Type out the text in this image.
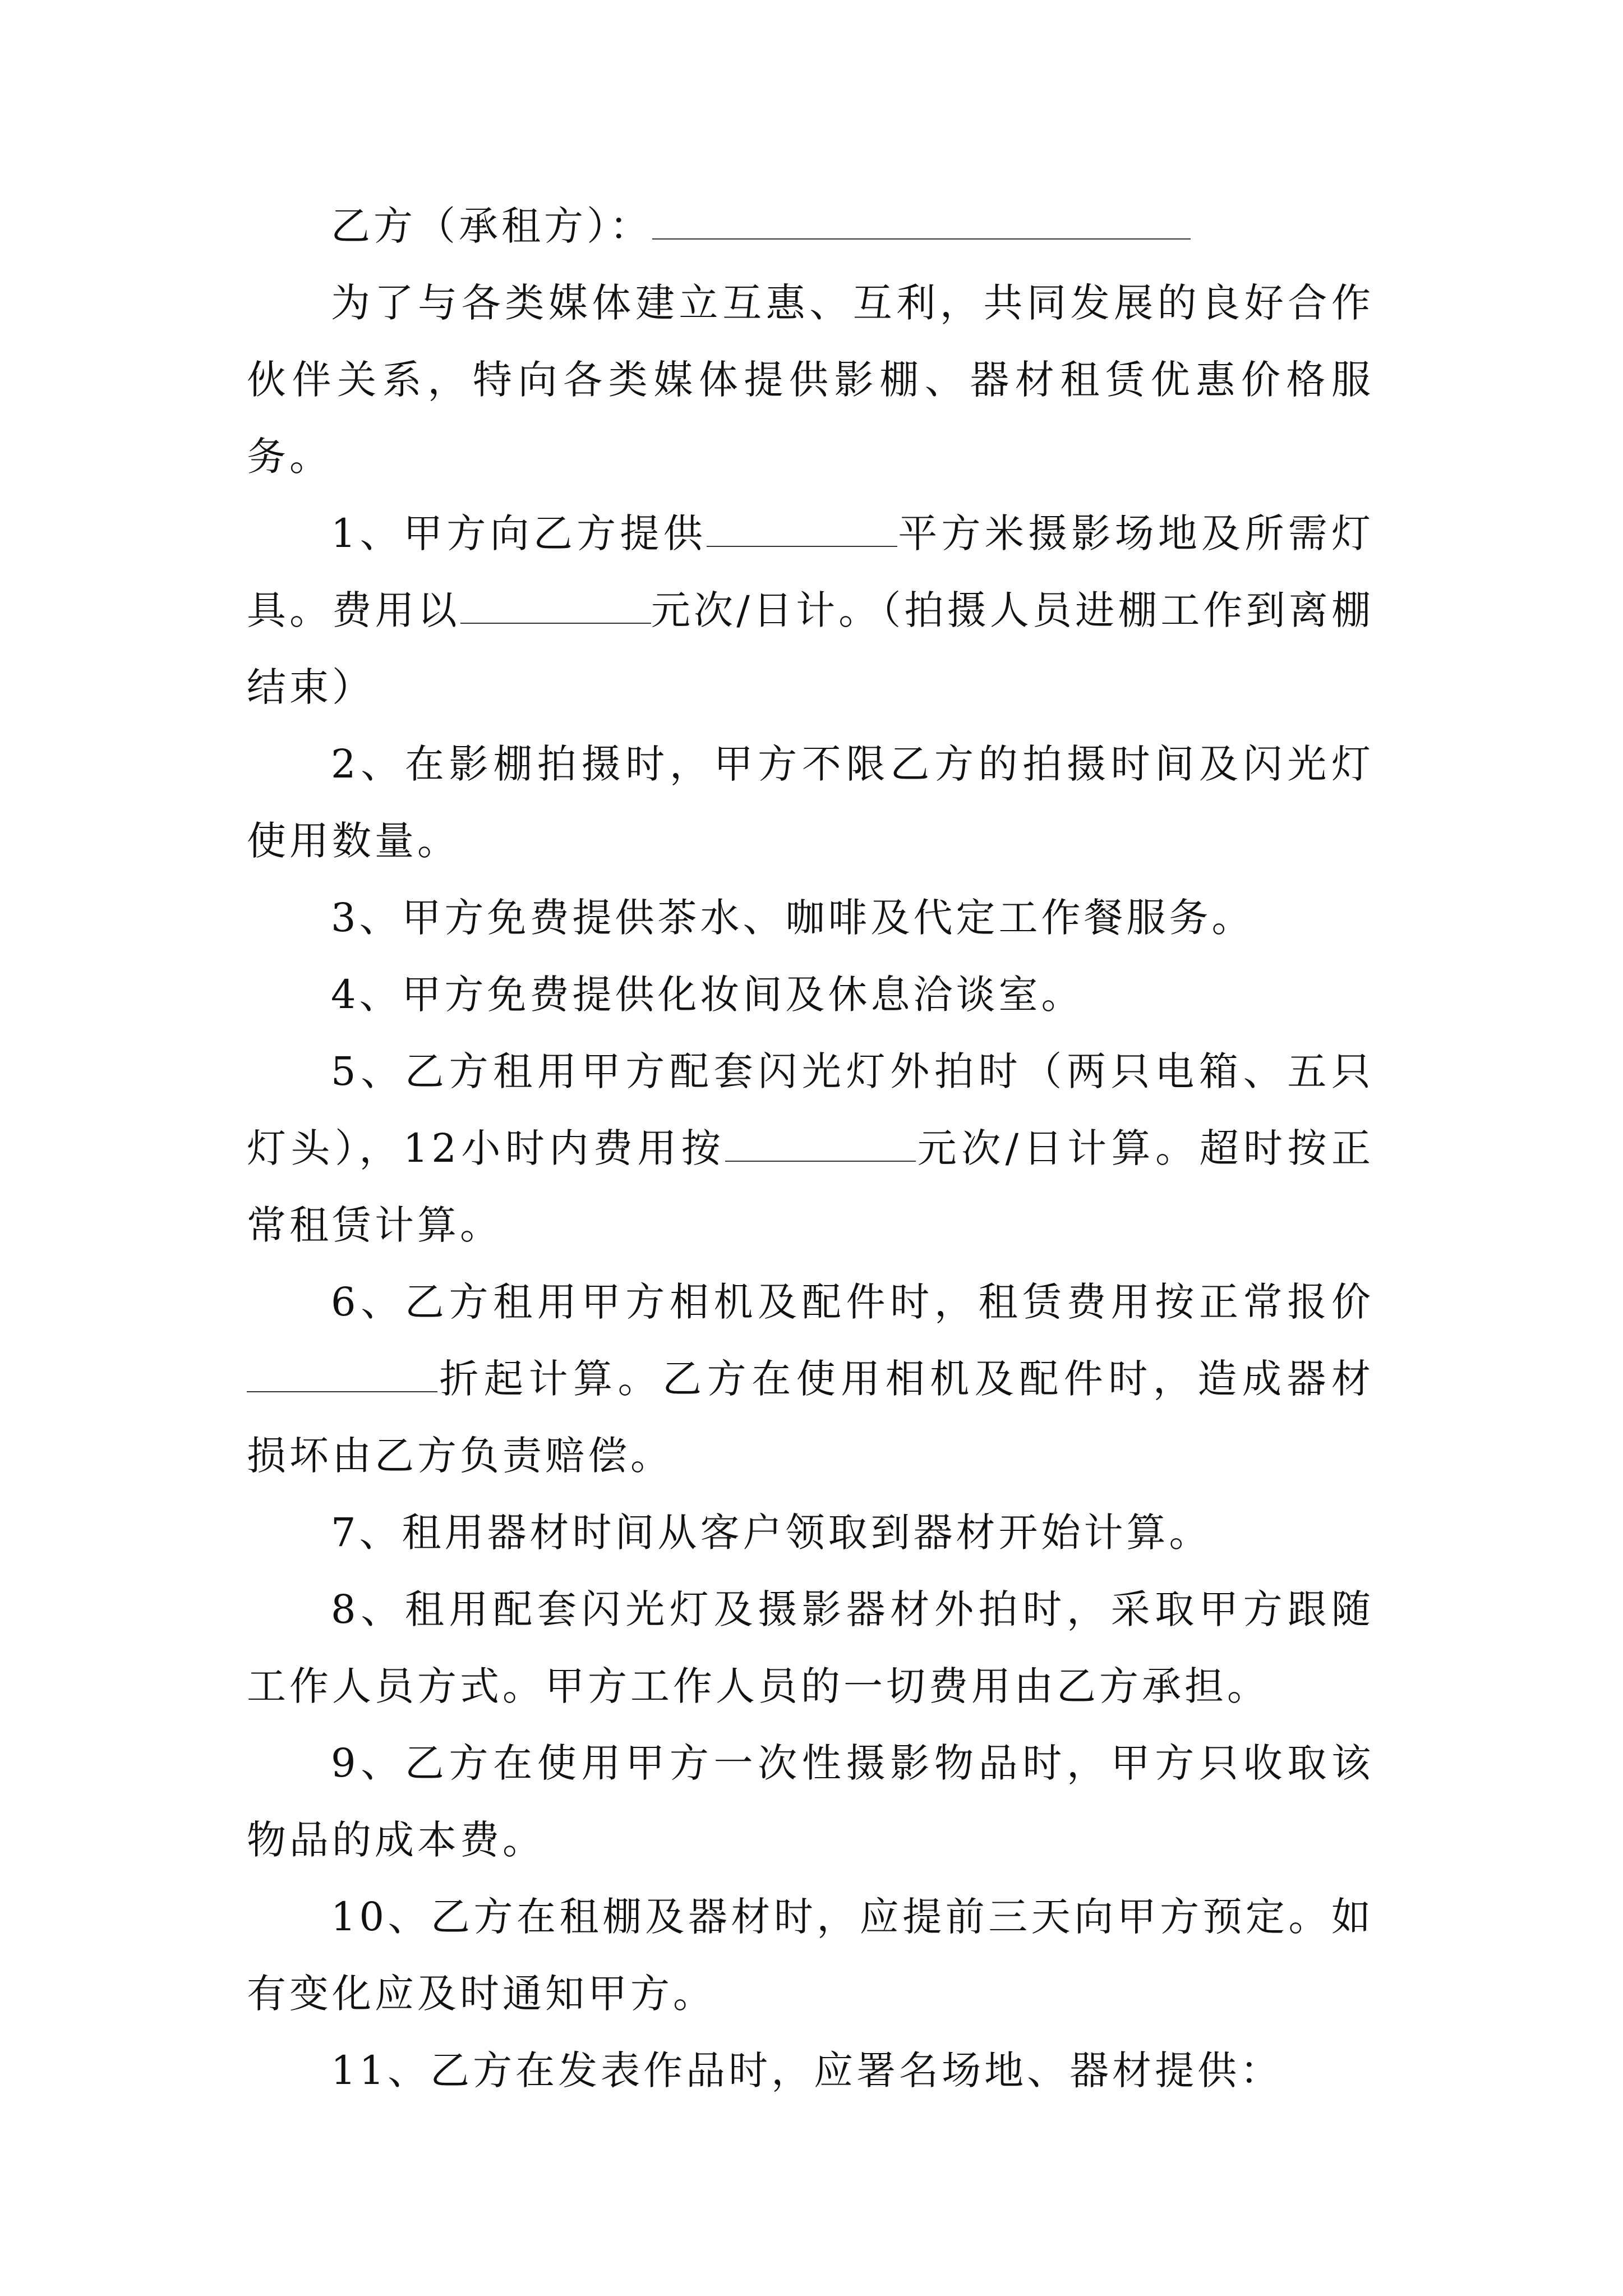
乙方（承租方）：

为了与各类媒体建立互惠、互利，共同发展的良好合作伙伴关系，特向各类媒体提供影棚、器材租赁优惠价格服务。

1、甲方向乙方提供	平方米摄影场地及所需灯具。费用以	元次/日计。（拍摄人员进棚工作到离棚结束）

2、在影棚拍摄时，甲方不限乙方的拍摄时间及闪光灯使用数量。

3、甲方免费提供茶水、咖啡及代定工作餐服务。

4、甲方免费提供化妆间及休息洽谈室。

5、乙方租用甲方配套闪光灯外拍时（两只电箱、五只灯头），12小时内费用按	元次/日计算。超时按正常租赁计算。

6、乙方租用甲方相机及配件时，租赁费用按正常报价折起计算。乙方在使用相机及配件时，造成器材损坏由乙方负责赔偿。

7、租用器材时间从客户领取到器材开始计算。

8、租用配套闪光灯及摄影器材外拍时，采取甲方跟随工作人员方式。甲方工作人员的一切费用由乙方承担。

9、乙方在使用甲方一次性摄影物品时，甲方只收取该物品的成本费。

10、乙方在租棚及器材时，应提前三天向甲方预定。如有变化应及时通知甲方。

11、乙方在发表作品时，应署名场地、器材提供：
